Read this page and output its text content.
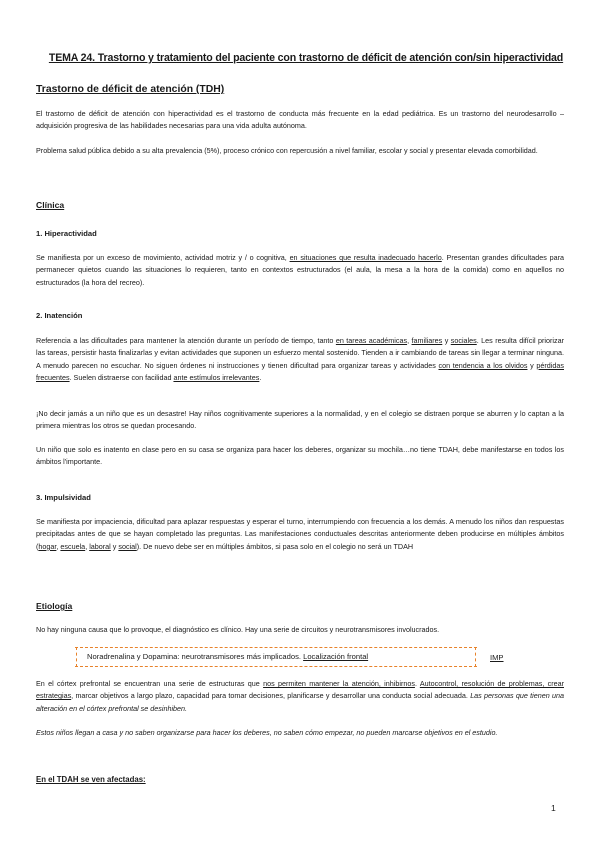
TEMA 24. Trastorno y tratamiento del paciente con trastorno de déficit de atención con/sin hiperactividad
Trastorno de déficit de atención (TDH)
El trastorno de déficit de atención con hiperactividad es el trastorno de conducta más frecuente en la edad pediátrica. Es un trastorno del neurodesarrollo – adquisición progresiva de las habilidades necesarias para una vida adulta autónoma.
Problema salud pública debido a su alta prevalencia (5%), proceso crónico con repercusión a nivel familiar, escolar y social y presentar elevada comorbilidad.
Clínica
1. Hiperactividad
Se manifiesta por un exceso de movimiento, actividad motriz y / o cognitiva, en situaciones que resulta inadecuado hacerlo. Presentan grandes dificultades para permanecer quietos cuando las situaciones lo requieren, tanto en contextos estructurados (el aula, la mesa a la hora de la comida) como en aquellos no estructurados (la hora del recreo).
2. Inatención
Referencia a las dificultades para mantener la atención durante un período de tiempo, tanto en tareas académicas, familiares y sociales. Les resulta difícil priorizar las tareas, persistir hasta finalizarlas y evitan actividades que suponen un esfuerzo mental sostenido. Tienden a ir cambiando de tareas sin llegar a terminar ninguna. A menudo parecen no escuchar. No siguen órdenes ni instrucciones y tienen dificultad para organizar tareas y actividades con tendencia a los olvidos y pérdidas frecuentes. Suelen distraerse con facilidad ante estímulos irrelevantes.
¡No decir jamás a un niño que es un desastre! Hay niños cognitivamente superiores a la normalidad, y en el colegio se distraen porque se aburren y lo captan a la primera mientras los otros se quedan procesando.
Un niño que solo es inatento en clase pero en su casa se organiza para hacer los deberes, organizar su mochila…no tiene TDAH, debe manifestarse en todos los ámbitos l'importante.
3. Impulsividad
Se manifiesta por impaciencia, dificultad para aplazar respuestas y esperar el turno, interrumpiendo con frecuencia a los demás. A menudo los niños dan respuestas precipitadas antes de que se hayan completado las preguntas. Las manifestaciones conductuales descritas anteriormente deben producirse en múltiples ámbitos (hogar, escuela, laboral y social). De nuevo debe ser en múltiples ámbitos, si pasa solo en el colegio no será un TDAH
Etiología
No hay ninguna causa que lo provoque, el diagnóstico es clínico. Hay una serie de circuitos y neurotransmisores involucrados.
Noradrenalina y Dopamina: neurotransmisores más implicados. Localización frontal	IMP
En el córtex prefrontal se encuentran una serie de estructuras que nos permiten mantener la atención, inhibirnos. Autocontrol, resolución de problemas, crear estrategias, marcar objetivos a largo plazo, capacidad para tomar decisiones, planificarse y desarrollar una conducta social adecuada. Las personas que tienen una alteración en el córtex prefrontal se desinhiben.
Estos niños llegan a casa y no saben organizarse para hacer los deberes, no saben cómo empezar, no pueden marcarse objetivos en el estudio.
En el TDAH se ven afectadas:
1
